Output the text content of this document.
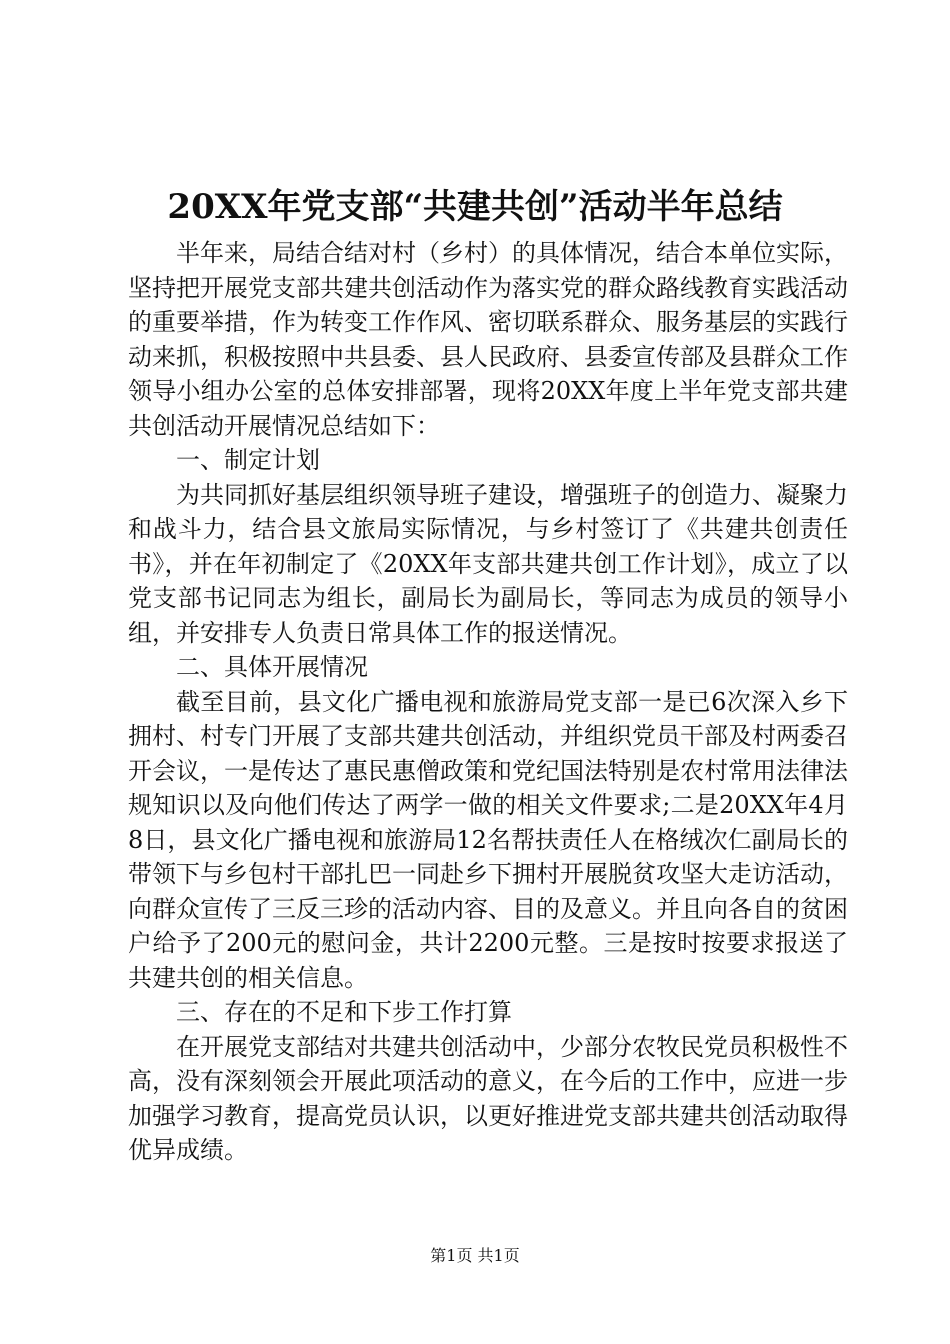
20XX年党支部“共建共创”活动半年总结

半年来，局结合结对村（乡村）的具体情况，结合本单位实际，坚持把开展党支部共建共创活动作为落实党的群众路线教育实践活动的重要举措，作为转变工作作风、密切联系群众、服务基层的实践行动来抓，积极按照中共县委、县人民政府、县委宣传部及县群众工作领导小组办公室的总体安排部署，现将20XX年度上半年党支部共建共创活动开展情况总结如下：

一、制定计划

为共同抓好基层组织领导班子建设，增强班子的创造力、凝聚力和战斗力，结合县文旅局实际情况，与乡村签订了《共建共创责任书》，并在年初制定了《20XX年支部共建共创工作计划》，成立了以党支部书记同志为组长，副局长为副局长，等同志为成员的领导小组，并安排专人负责日常具体工作的报送情况。

二、具体开展情况

截至目前，县文化广播电视和旅游局党支部一是已6次深入乡下拥村、村专门开展了支部共建共创活动，并组织党员干部及村两委召开会议，一是传达了惠民惠僧政策和党纪国法特别是农村常用法律法规知识以及向他们传达了两学一做的相关文件要求;二是20XX年4月8日，县文化广播电视和旅游局12名帮扶责任人在格绒次仁副局长的带领下与乡包村干部扎巴一同赴乡下拥村开展脱贫攻坚大走访活动，向群众宣传了三反三珍的活动内容、目的及意义。并且向各自的贫困户给予了200元的慰问金，共计2200元整。三是按时按要求报送了共建共创的相关信息。

三、存在的不足和下步工作打算

在开展党支部结对共建共创活动中，少部分农牧民党员积极性不高，没有深刻领会开展此项活动的意义，在今后的工作中，应进一步加强学习教育，提高党员认识，以更好推进党支部共建共创活动取得优异成绩。

第1页 共1页
